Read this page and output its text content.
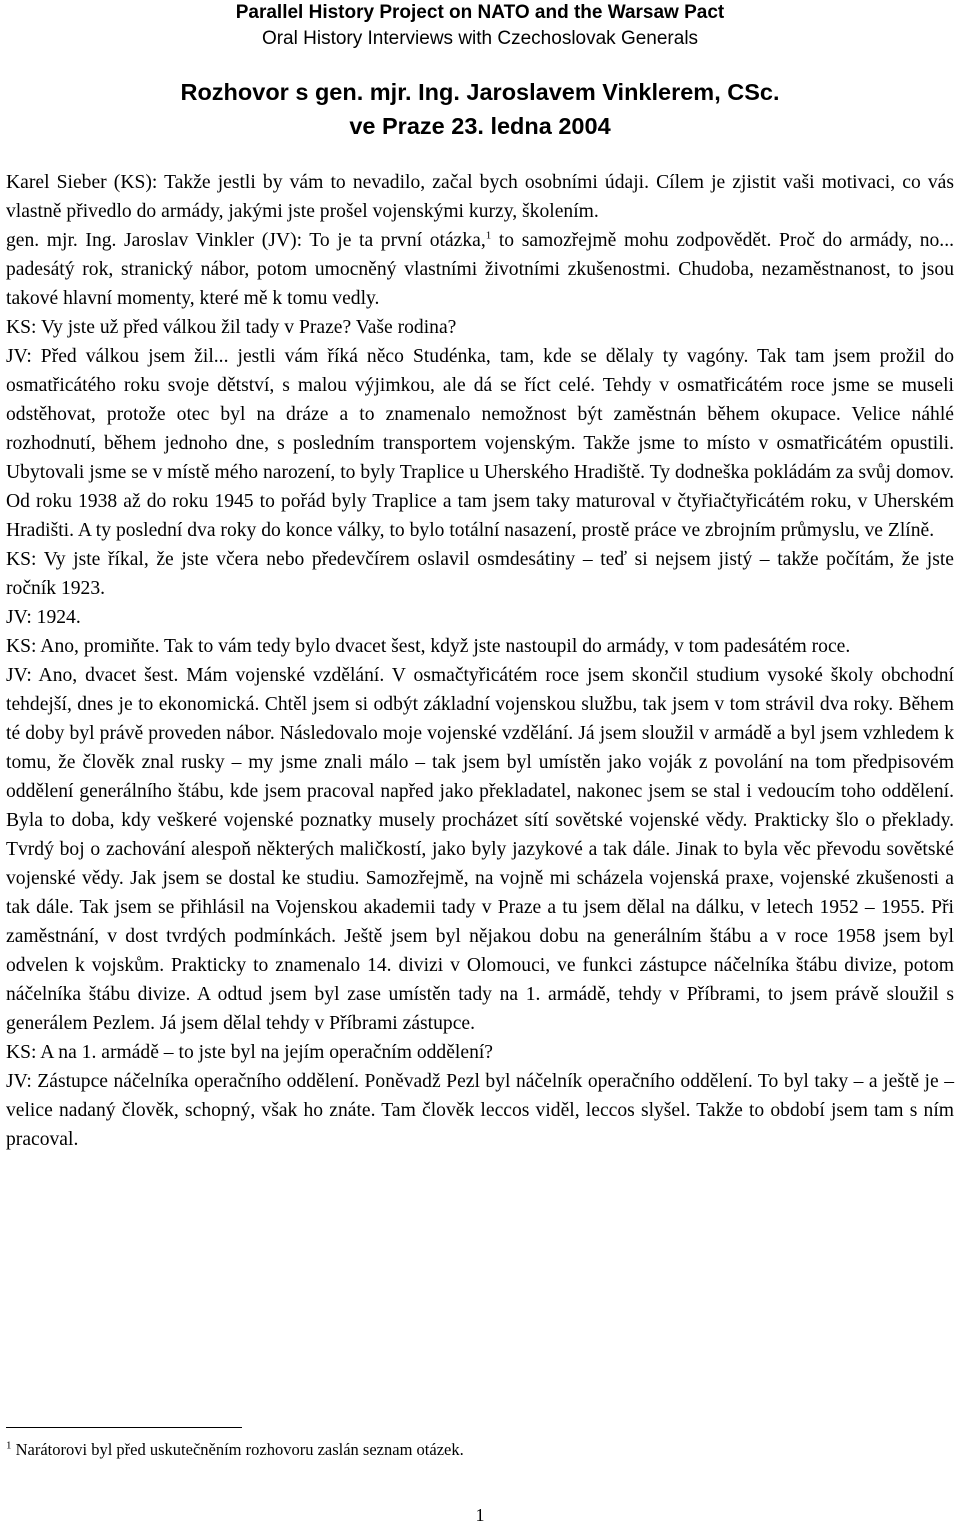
Parallel History Project on NATO and the Warsaw Pact
Oral History Interviews with Czechoslovak Generals
Rozhovor s gen. mjr. Ing. Jaroslavem Vinklerem, CSc.
ve Praze 23. ledna 2004

Karel Sieber (KS): Takže jestli by vám to nevadilo, začal bych osobními údaji. Cílem je zjistit vaši motivaci, co vás vlastně přivedlo do armády, jakými jste prošel vojenskými kurzy, školením.

gen. mjr. Ing. Jaroslav Vinkler (JV): To je ta první otázka,$^1$ to samozřejmě mohu zodpovědět. Proč do armády, no... padesátý rok, stranický nábor, potom umocněný vlastními životními zkušenostmi. Chudoba, nezaměstnanost, to jsou takové hlavní momenty, které mě k tomu vedly.

KS: Vy jste už před válkou žil tady v Praze? Vaše rodina?

JV: Před válkou jsem žil... jestli vám říká něco Studénka, tam, kde se dělaly ty vagóny. Tak tam jsem prožil do osmatřicátého roku svoje dětství, s malou výjimkou, ale dá se říct celé. Tehdy v osmatřicátém roce jsme se museli odstěhovat, protože otec byl na dráze a to znamenalo nemožnost být zaměstnán během okupace. Velice náhlé rozhodnutí, během jednoho dne, s posledním transportem vojenským. Takže jsme to místo v osmatřicátém opustili. Ubytovali jsme se v místě mého narození, to byly Traplice u Uherského Hradiště. Ty dodneška pokládám za svůj domov. Od roku 1938 až do roku 1945 to pořád byly Traplice a tam jsem taky maturoval v čtyřiačtyřicátém roku, v Uherském Hradišti. A ty poslední dva roky do konce války, to bylo totální nasazení, prostě práce ve zbrojním průmyslu, ve Zlíně.

KS: Vy jste říkal, že jste včera nebo předevčírem oslavil osmdesátiny – teď si nejsem jistý – takže počítám, že jste ročník 1923.

JV: 1924.

KS: Ano, promiňte. Tak to vám tedy bylo dvacet šest, když jste nastoupil do armády, v tom padesátém roce.

JV: Ano, dvacet šest. Mám vojenské vzdělání. V osmačtyřicátém roce jsem skončil studium vysoké školy obchodní tehdejší, dnes je to ekonomická. Chtěl jsem si odbýt základní vojenskou službu, tak jsem v tom strávil dva roky. Během té doby byl právě proveden nábor. Následovalo moje vojenské vzdělání. Já jsem sloužil v armádě a byl jsem vzhledem k tomu, že člověk znal rusky – my jsme znali málo – tak jsem byl umístěn jako voják z povolání na tom předpisovém oddělení generálního štábu, kde jsem pracoval napřed jako překladatel, nakonec jsem se stal i vedoucím toho oddělení. Byla to doba, kdy veškeré vojenské poznatky musely procházet sítí sovětské vojenské vědy. Prakticky šlo o překlady. Tvrdý boj o zachování alespoň některých maličkostí, jako byly jazykové a tak dále. Jinak to byla věc převodu sovětské vojenské vědy. Jak jsem se dostal ke studiu. Samozřejmě, na vojně mi scházela vojenská praxe, vojenské zkušenosti a tak dále. Tak jsem se přihlásil na Vojenskou akademii tady v Praze a tu jsem dělal na dálku, v letech 1952 – 1955. Při zaměstnání, v dost tvrdých podmínkách. Ještě jsem byl nějakou dobu na generálním štábu a v roce 1958 jsem byl odvelen k vojskům. Prakticky to znamenalo 14. divizi v Olomouci, ve funkci zástupce náčelníka štábu divize, potom náčelníka štábu divize. A odtud jsem byl zase umístěn tady na 1. armádě, tehdy v Příbrami, to jsem právě sloužil s generálem Pezlem. Já jsem dělal tehdy v Příbrami zástupce.

KS: A na 1. armádě – to jste byl na jejím operačním oddělení?

JV: Zástupce náčelníka operačního oddělení. Poněvadž Pezl byl náčelník operačního oddělení. To byl taky – a ještě je – velice nadaný člověk, schopný, však ho znáte. Tam člověk leccos viděl, leccos slyšel. Takže to období jsem tam s ním pracoval.

$^1$ Narátorovi byl před uskutečněním rozhovoru zaslán seznam otázek.
1
